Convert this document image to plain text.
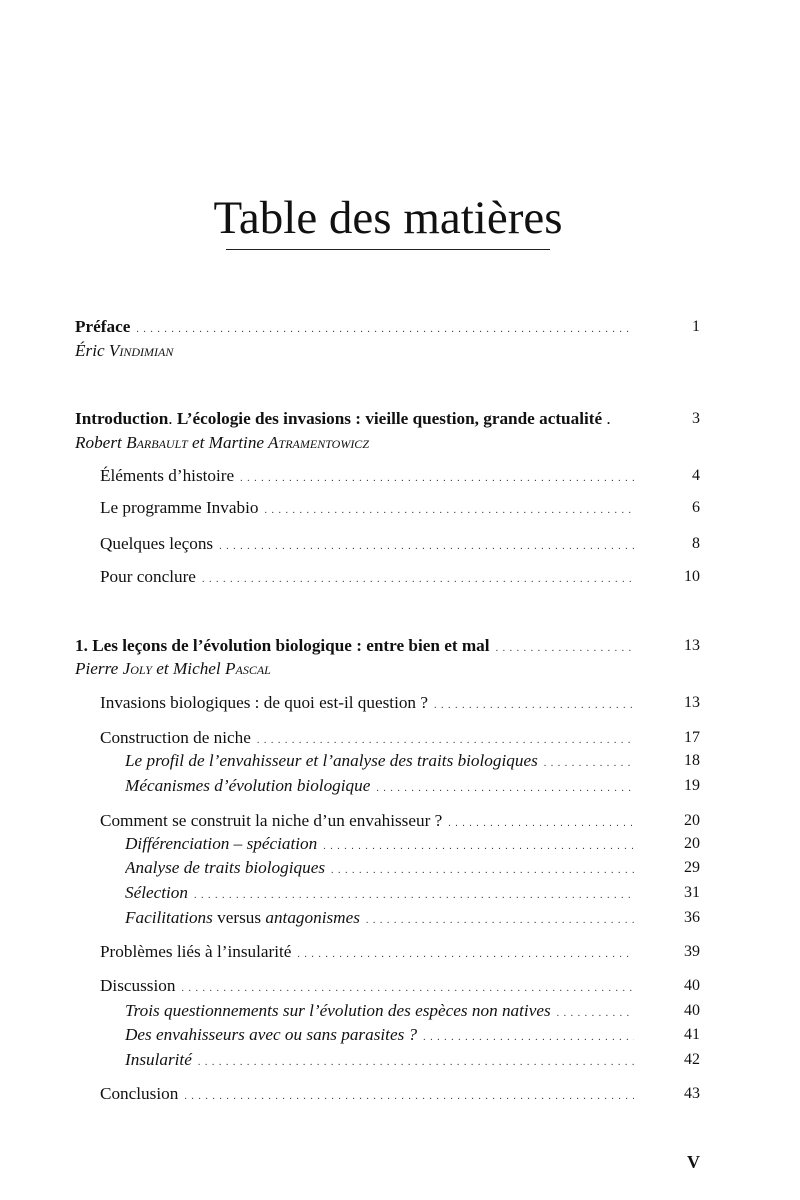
Table des matières
Préface . . .	1
Éric Vindimian
Introduction. L’écologie des invasions : vieille question, grande actualité .	3
Robert Barbault et Martine Atramentowicz
Éléments d’histoire . . .	4
Le programme Invabio . . .	6
Quelques leçons . . .	8
Pour conclure . . .	10
1. Les leçons de l’évolution biologique : entre bien et mal . . .	13
Pierre Joly et Michel Pascal
Invasions biologiques : de quoi est-il question ? . . .	13
Construction de niche . . .	17
Le profil de l’envahisseur et l’analyse des traits biologiques . . .	18
Mécanismes d’évolution biologique . . .	19
Comment se construit la niche d’un envahisseur ? . . .	20
Différenciation – spéciation . . .	20
Analyse de traits biologiques . . .	29
Sélection . . .	31
Facilitations versus antagonismes . . .	36
Problèmes liés à l’insularité . . .	39
Discussion . . .	40
Trois questionnements sur l’évolution des espèces non natives . . .	40
Des envahisseurs avec ou sans parasites ? . . .	41
Insularité . . .	42
Conclusion . . .	43
V
